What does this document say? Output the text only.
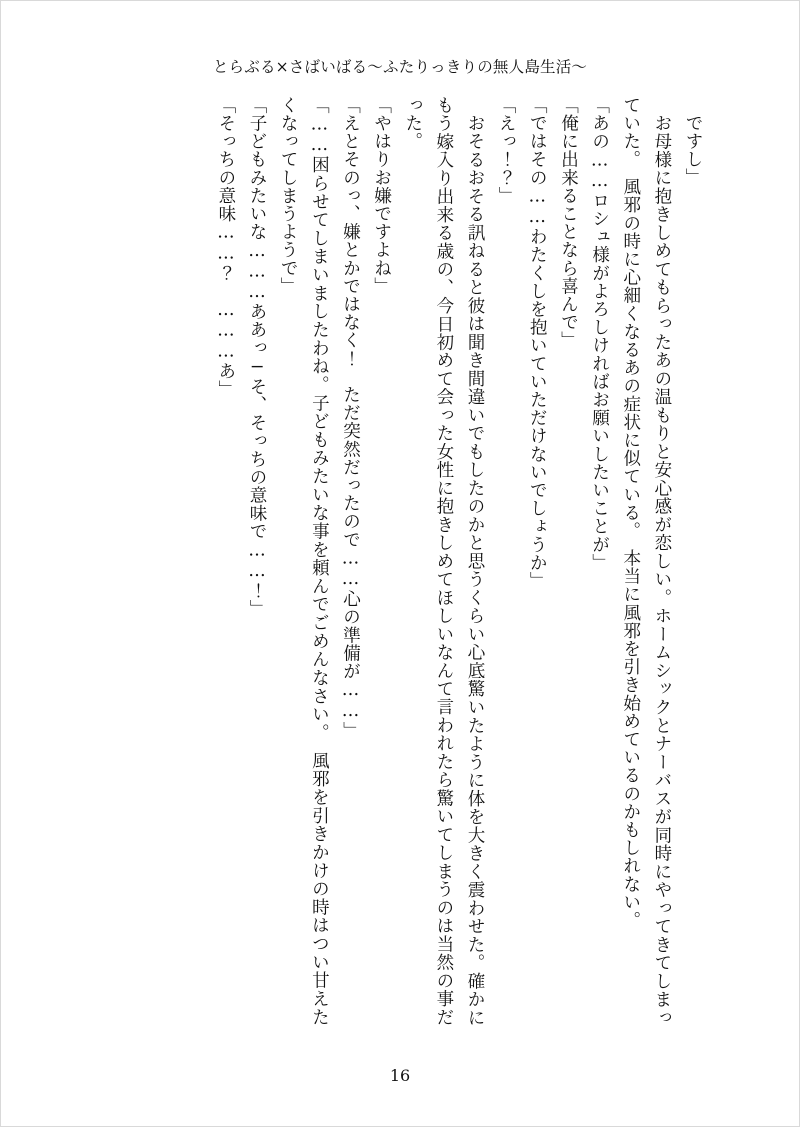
とらぶる×さばいばる～ふたりっきりの無人島生活～

ですし」

お母様に抱きしめてもらったあの温もりと安心感が恋しい。ホームシックとナーバスが同時にやってきてしまっていた。　風邪の時に心細くなるあの症状に似ている。　本当に風邪を引き始めているのかもしれない。

「あの……ロシュ様がよろしければお願いしたいことが」

「俺に出来ることなら喜んで」

「ではその……わたくしを抱いていただけないでしょうか」

「えっ！？」

おそるおそる訊ねると彼は聞き間違いでもしたのかと思うくらい心底驚いたように体を大きく震わせた。確かにもう嫁入り出来る歳の、今日初めて会った女性に抱きしめてほしいなんて言われたら驚いてしまうのは当然の事だった。

「やはりお嫌ですよね」

「えとそのっ、嫌とかではなく！　ただ突然だったので……心の準備が……」

「……困らせてしまいましたわね。子どもみたいな事を頼んでごめんなさい。　風邪を引きかけの時はつい甘えたくなってしまうようで」

「子どもみたいな………ああっ−そ、そっちの意味で……！」

「そっちの意味……？　………あ」

16
